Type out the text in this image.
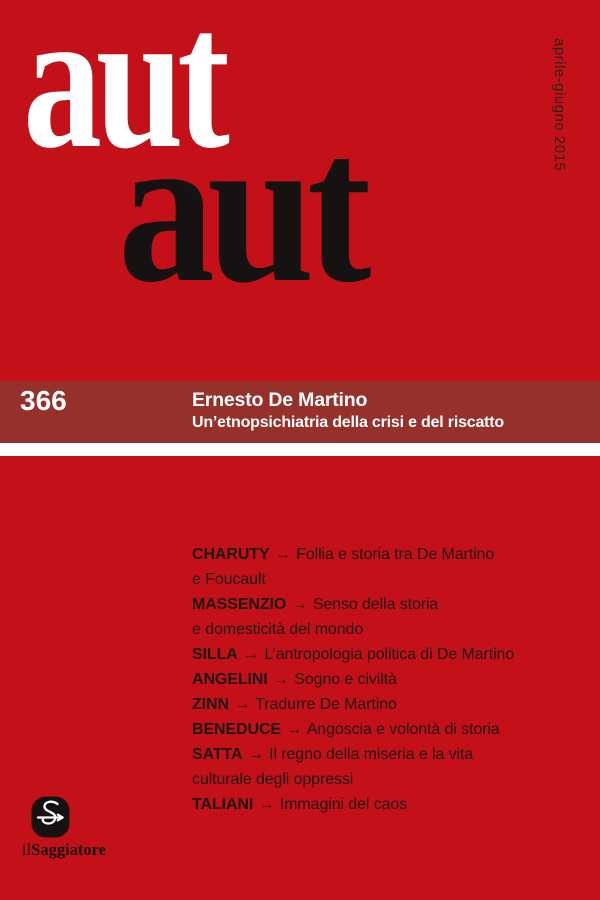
aut
aut	aprile-giugno 2015
366	Ernesto De Martino
Un’etnopsichiatria della crisi e del riscatto

CHARUTY → Follia e storia tra De Martino
e Foucault

MASSENZIO → Senso della storia
e domesticità del mondo

SILLA → L’antropologia politica di De Martino

ANGELINI → Sogno e civiltà

ZINN → Tradurre De Martino

BENEDUCE → Angoscia e volontà di storia

SATTA → Il regno della miseria e la vita
culturale degli oppressi

TALIANI → Immagini del caos

ilSaggiatore
